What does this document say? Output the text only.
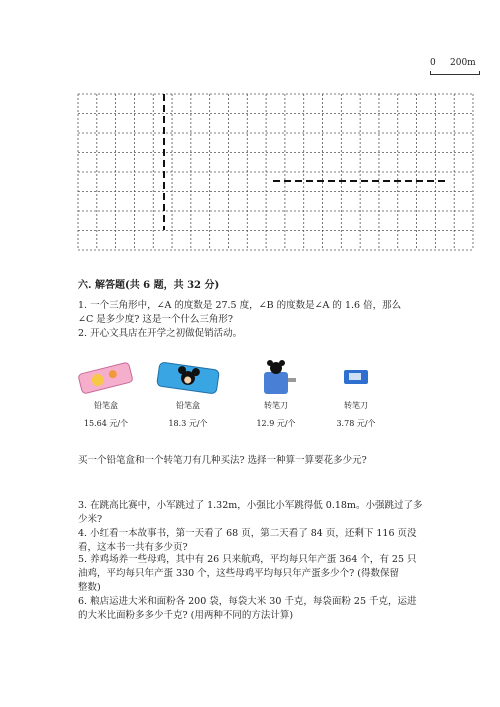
0 200m
六. 解答题(共 6 题，共 32 分)
1. 一个三角形中，∠A 的度数是 27.5 度，∠B 的度数是∠A 的 1.6 倍，那么
∠C 是多少度? 这是一个什么三角形?
2. 开心文具店在开学之初做促销活动。
铅笔盒
15.64 元/个
铅笔盒
18.3 元/个
转笔刀
12.9 元/个
转笔刀
3.78 元/个
买一个铅笔盒和一个转笔刀有几种买法? 选择一种算一算要花多少元?
3. 在跳高比赛中，小军跳过了 1.32m，小强比小军跳得低 0.18m。小强跳过了多
少米?
4. 小红看一本故事书，第一天看了 68 页，第二天看了 84 页，还剩下 116 页没
看，这本书一共有多少页?
5. 养鸡场养一些母鸡，其中有 26 只来航鸡，平均每只年产蛋 364 个，有 25 只
油鸡，平均每只年产蛋 330 个，这些母鸡平均每只年产蛋多少个? (得数保留
整数)
6. 粮店运进大米和面粉各 200 袋，每袋大米 30 千克，每袋面粉 25 千克，运进
的大米比面粉多多少千克? (用两种不同的方法计算)
